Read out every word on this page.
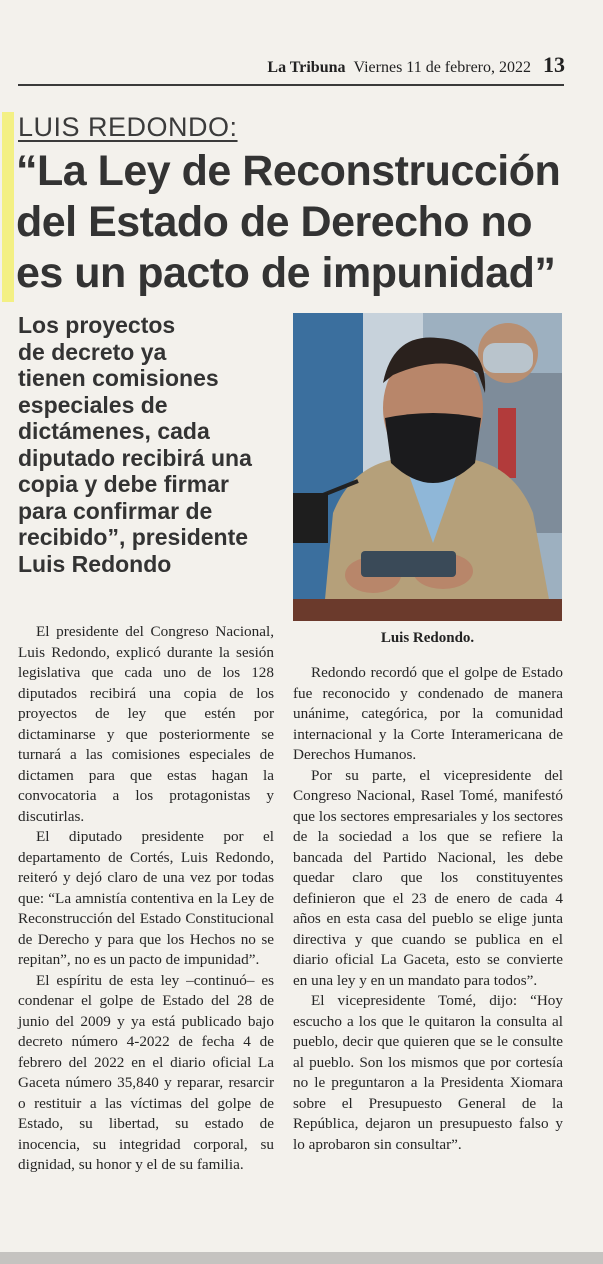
La Tribuna Viernes 11 de febrero, 2022 13
LUIS REDONDO:
“La Ley de Reconstrucción
del Estado de Derecho no
es un pacto de impunidad”
Los proyectos
de decreto ya
tienen comisiones
especiales de
dictámenes, cada
diputado recibirá una
copia y debe firmar
para confirmar de
recibido”, presidente
Luis Redondo
Luis Redondo.

El presidente del Congreso Nacional, Luis Redondo, explicó durante la sesión legislativa que cada uno de los 128 diputados recibirá una copia de los proyectos de ley que estén por dictaminarse y que posteriormente se turnará a las comisiones especiales de dictamen para que estas hagan la convocatoria a los protagonistas y discutirlas.

El diputado presidente por el departamento de Cortés, Luis Redondo, reiteró y dejó claro de una vez por todas que: “La amnistía contentiva en la Ley de Reconstrucción del Estado Constitucional de Derecho y para que los Hechos no se repitan”, no es un pacto de impunidad”.

El espíritu de esta ley –continuó– es condenar el golpe de Estado del 28 de junio del 2009 y ya está publicado bajo decreto número 4-2022 de fecha 4 de febrero del 2022 en el diario oficial La Gaceta número 35,840 y reparar, resarcir o restituir a las víctimas del golpe de Estado, su libertad, su estado de inocencia, su integridad corporal, su dignidad, su honor y el de su familia.

Redondo recordó que el golpe de Estado fue reconocido y condenado de manera unánime, categórica, por la comunidad internacional y la Corte Interamericana de Derechos Humanos.

Por su parte, el vicepresidente del Congreso Nacional, Rasel Tomé, manifestó que los sectores empresariales y los sectores de la sociedad a los que se refiere la bancada del Partido Nacional, les debe quedar claro que los constituyentes definieron que el 23 de enero de cada 4 años en esta casa del pueblo se elige junta directiva y que cuando se publica en el diario oficial La Gaceta, esto se convierte en una ley y en un mandato para todos”.

El vicepresidente Tomé, dijo: “Hoy escucho a los que le quitaron la consulta al pueblo, decir que quieren que se le consulte al pueblo. Son los mismos que por cortesía no le preguntaron a la Presidenta Xiomara sobre el Presupuesto General de la República, dejaron un presupuesto falso y lo aprobaron sin consultar”.
